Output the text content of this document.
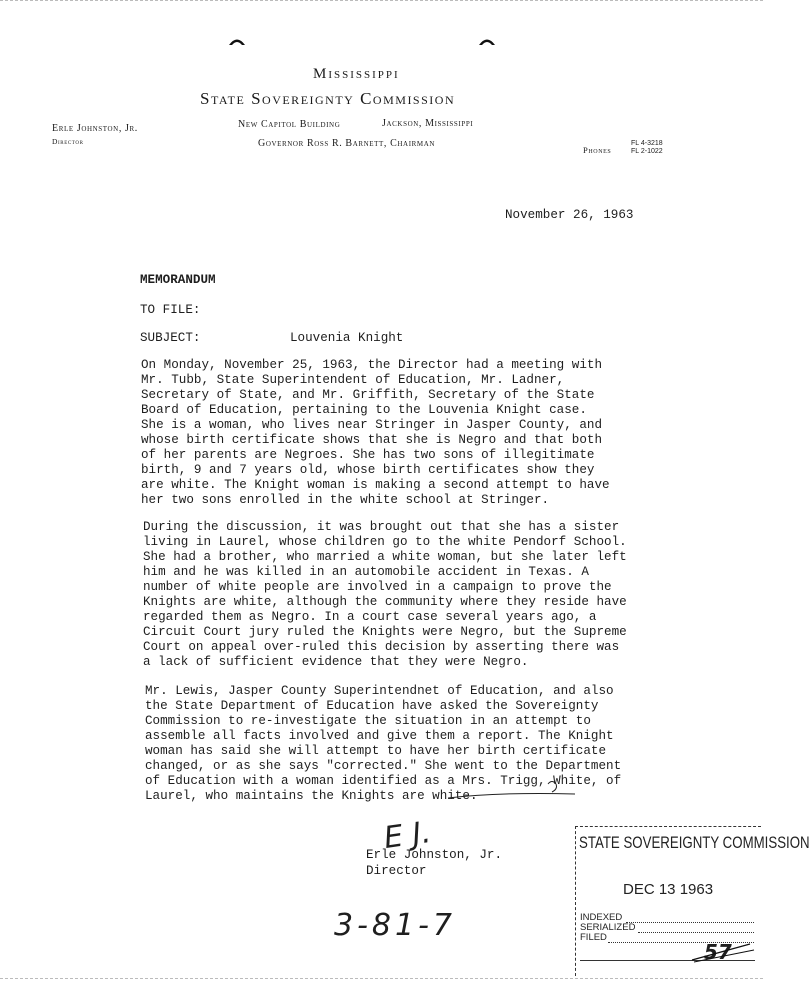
Mississippi
State Sovereignty Commission
Erle Johnston, Jr.
Director
New Capitol Building	Jackson, Mississippi
Governor Ross R. Barnett, Chairman
Phones
FL 4-3218
FL 2-1022
November 26, 1963
MEMORANDUM
TO FILE:
SUBJECT:	Louvenia Knight
On Monday, November 25, 1963, the Director had a meeting with
Mr. Tubb, State Superintendent of Education, Mr. Ladner,
Secretary of State, and Mr. Griffith, Secretary of the State
Board of Education, pertaining to the Louvenia Knight case.
She is a woman, who lives near Stringer in Jasper County, and
whose birth certificate shows that she is Negro and that both
of her parents are Negroes. She has two sons of illegitimate
birth, 9 and 7 years old, whose birth certificates show they
are white. The Knight woman is making a second attempt to have
her two sons enrolled in the white school at Stringer.
During the discussion, it was brought out that she has a sister
living in Laurel, whose children go to the white Pendorf School.
She had a brother, who married a white woman, but she later left
him and he was killed in an automobile accident in Texas. A
number of white people are involved in a campaign to prove the
Knights are white, although the community where they reside have
regarded them as Negro. In a court case several years ago, a
Circuit Court jury ruled the Knights were Negro, but the Supreme
Court on appeal over-ruled this decision by asserting there was
a lack of sufficient evidence that they were Negro.
Mr. Lewis, Jasper County Superintendnet of Education, and also
the State Department of Education have asked the Sovereignty
Commission to re-investigate the situation in an attempt to
assemble all facts involved and give them a report. The Knight
woman has said she will attempt to have her birth certificate
changed, or as she says "corrected." She went to the Department
of Education with a woman identified as a Mrs. Trigg, White, of
Laurel, who maintains the Knights are white.
E J.
Erle Johnston, Jr.
Director
3-81-7
STATE SOVEREIGNTY COMMISSION
DEC 13 1963
INDEXED
SERIALIZED
FILED
57
